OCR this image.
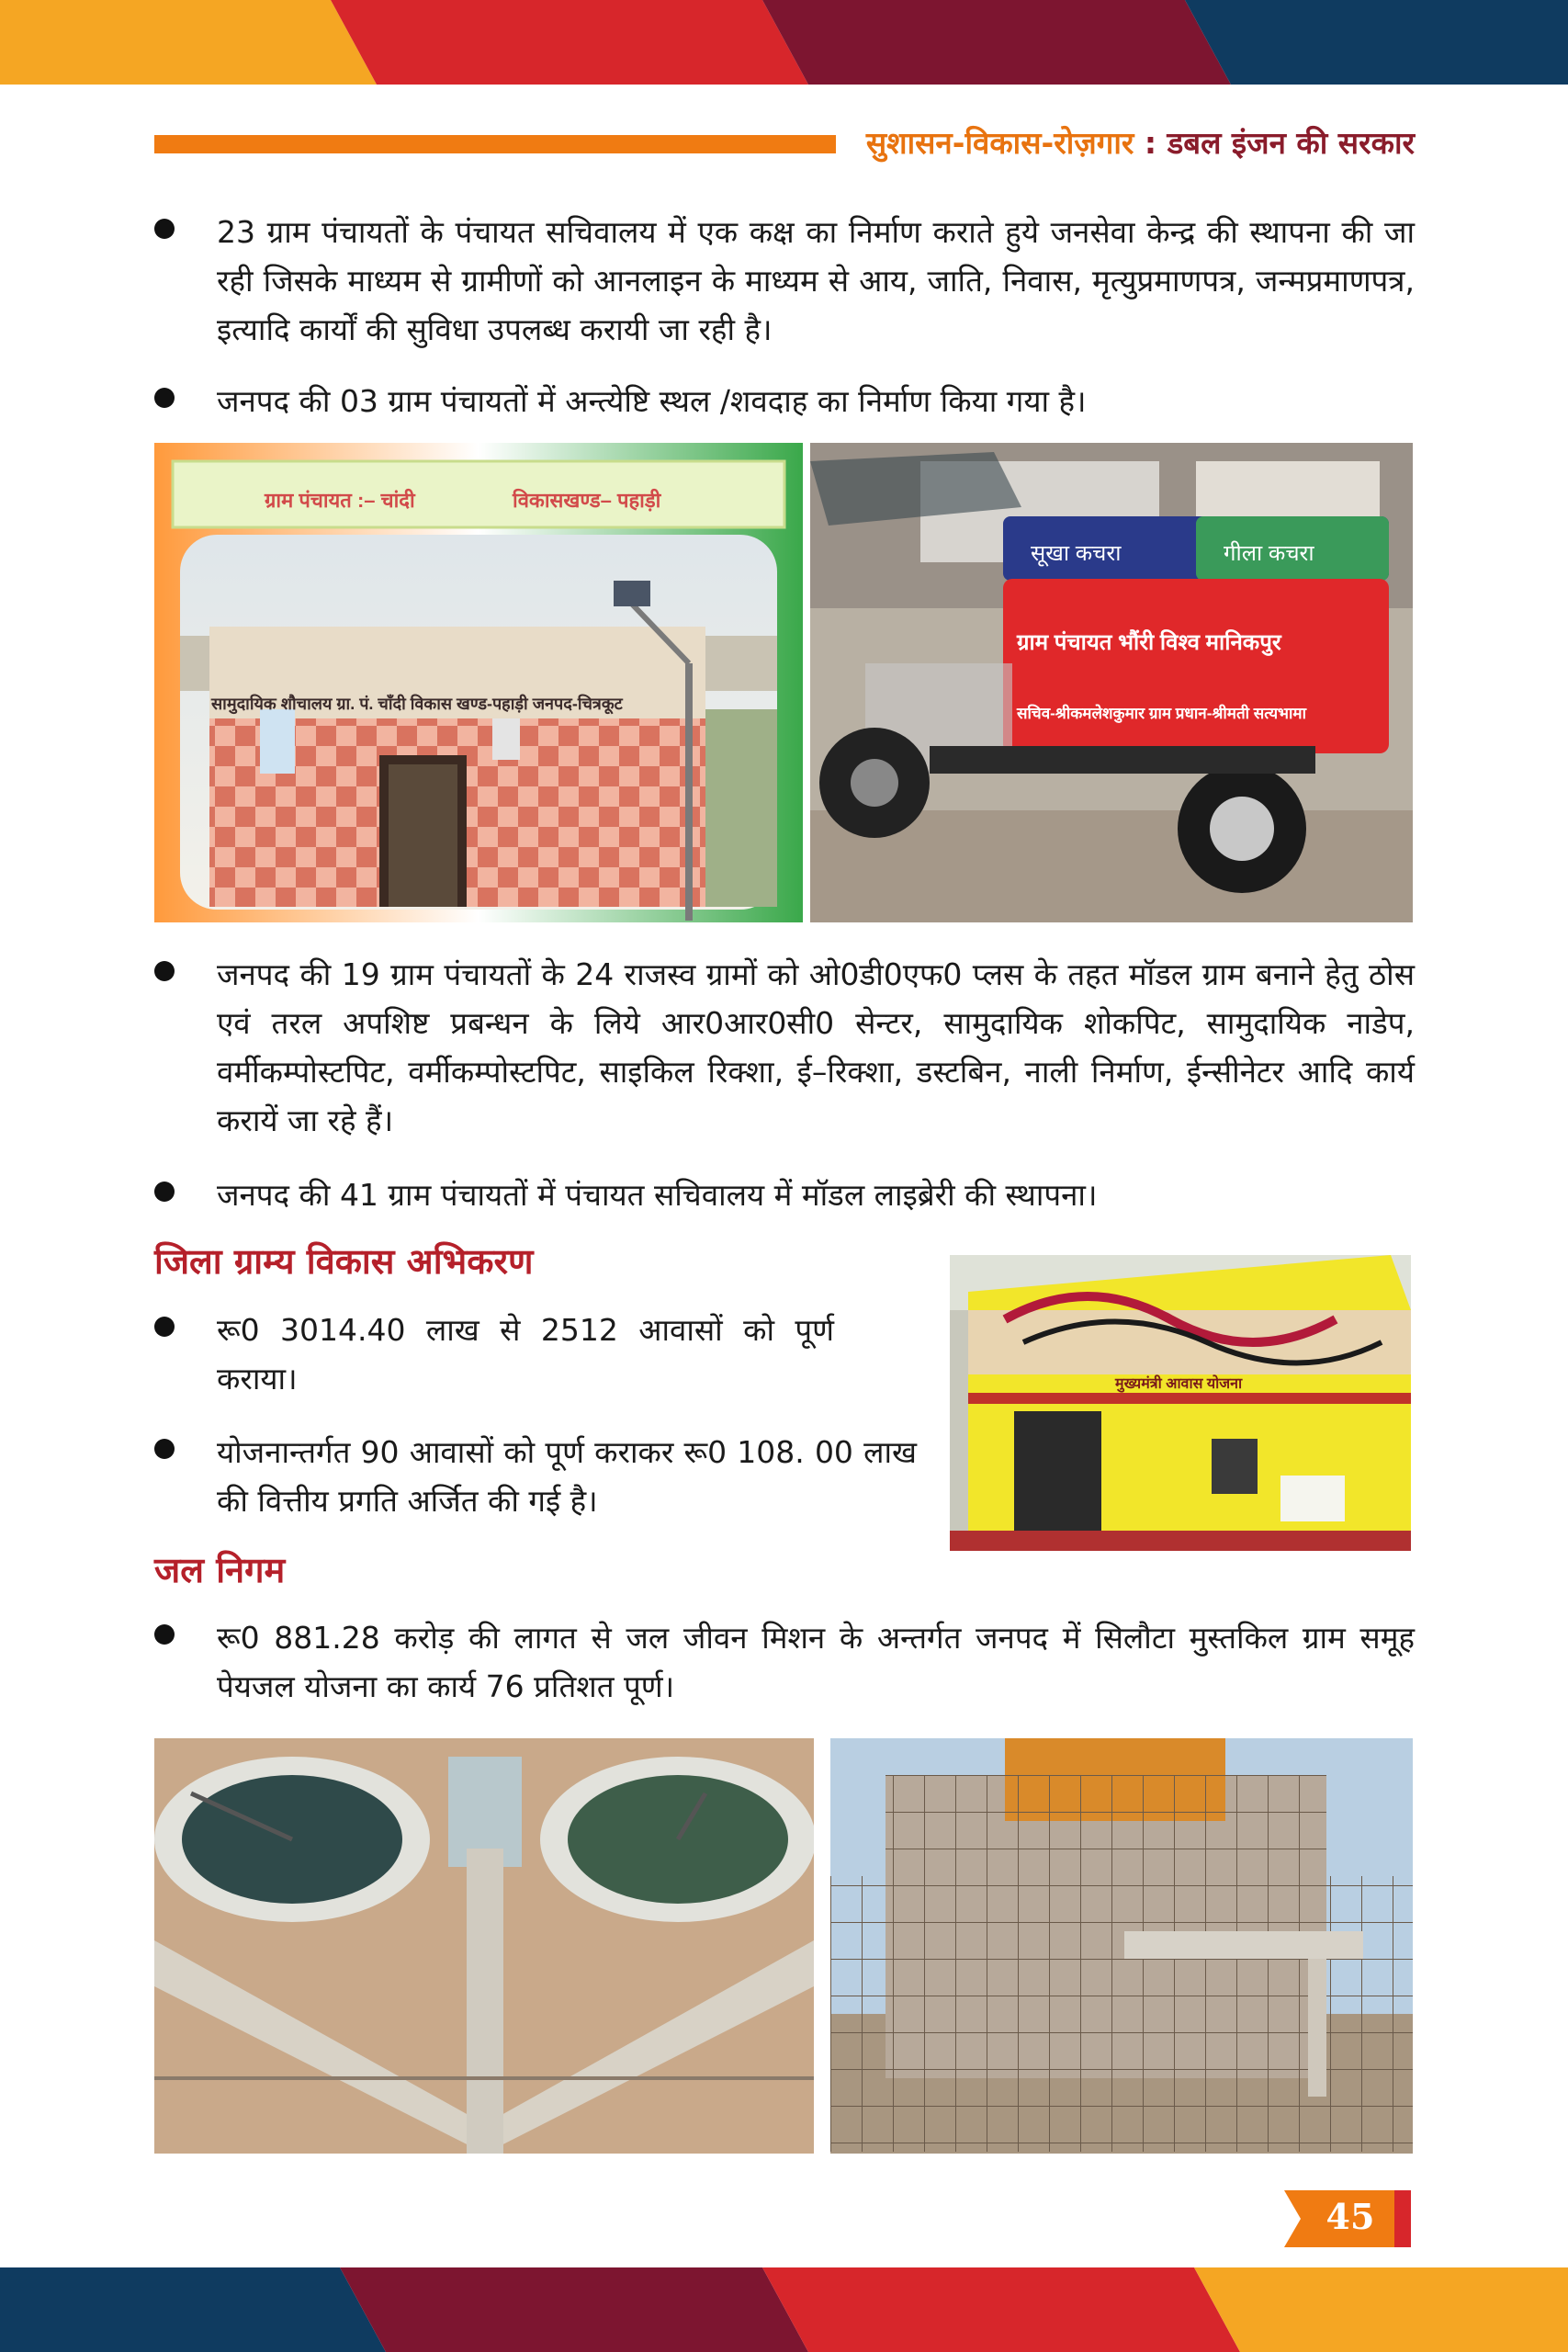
सुशासन-विकास-रोज़गार : डबल इंजन की सरकार

23 ग्राम पंचायतों के पंचायत सचिवालय में एक कक्ष का निर्माण कराते हुये जनसेवा केन्द्र की स्थापना की जा रही जिसके माध्यम से ग्रामीणों को आनलाइन के माध्यम से आय, जाति, निवास, मृत्युप्रमाणपत्र, जन्मप्रमाणपत्र, इत्यादि कार्यों की सुविधा उपलब्ध करायी जा रही है।

जनपद की 03 ग्राम पंचायतों में अन्त्येष्टि स्थल /शवदाह का निर्माण किया गया है।

ग्राम पंचायत :– चांदी	विकासखण्ड– पहाड़ी
सामुदायिक शौचालय ग्रा. पं. चाँदी विकास खण्ड-पहाड़ी जनपद-चित्रकूट
सूखा कचरा	गीला कचरा
ग्राम पंचायत भौंरी विश्व मानिकपुर
सचिव-श्रीकमलेशकुमार ग्राम प्रधान-श्रीमती सत्यभामा

जनपद की 19 ग्राम पंचायतों के 24 राजस्व ग्रामों को ओ0डी0एफ0 प्लस के तहत मॉडल ग्राम बनाने हेतु ठोस एवं तरल अपशिष्ट प्रबन्धन के लिये आर0आर0सी0 सेन्टर, सामुदायिक शोकपिट, सामुदायिक नाडेप, वर्मीकम्पोस्टपिट, वर्मीकम्पोस्टपिट, साइकिल रिक्शा, ई–रिक्शा, डस्टबिन, नाली निर्माण, ईन्सीनेटर आदि कार्य करायें जा रहे हैं।

जनपद की 41 ग्राम पंचायतों में पंचायत सचिवालय में मॉडल लाइब्रेरी की स्थापना।

जिला ग्राम्य विकास अभिकरण

रू0 3014.40 लाख से 2512 आवासों को पूर्ण कराया।

योजनान्तर्गत 90 आवासों को पूर्ण कराकर रू0 108. 00 लाख की वित्तीय प्रगति अर्जित की गई है।

मुख्यमंत्री आवास योजना
जल निगम

रू0 881.28 करोड़ की लागत से जल जीवन मिशन के अन्तर्गत जनपद में सिलौटा मुस्तकिल ग्राम समूह पेयजल योजना का कार्य 76 प्रतिशत पूर्ण।

45
